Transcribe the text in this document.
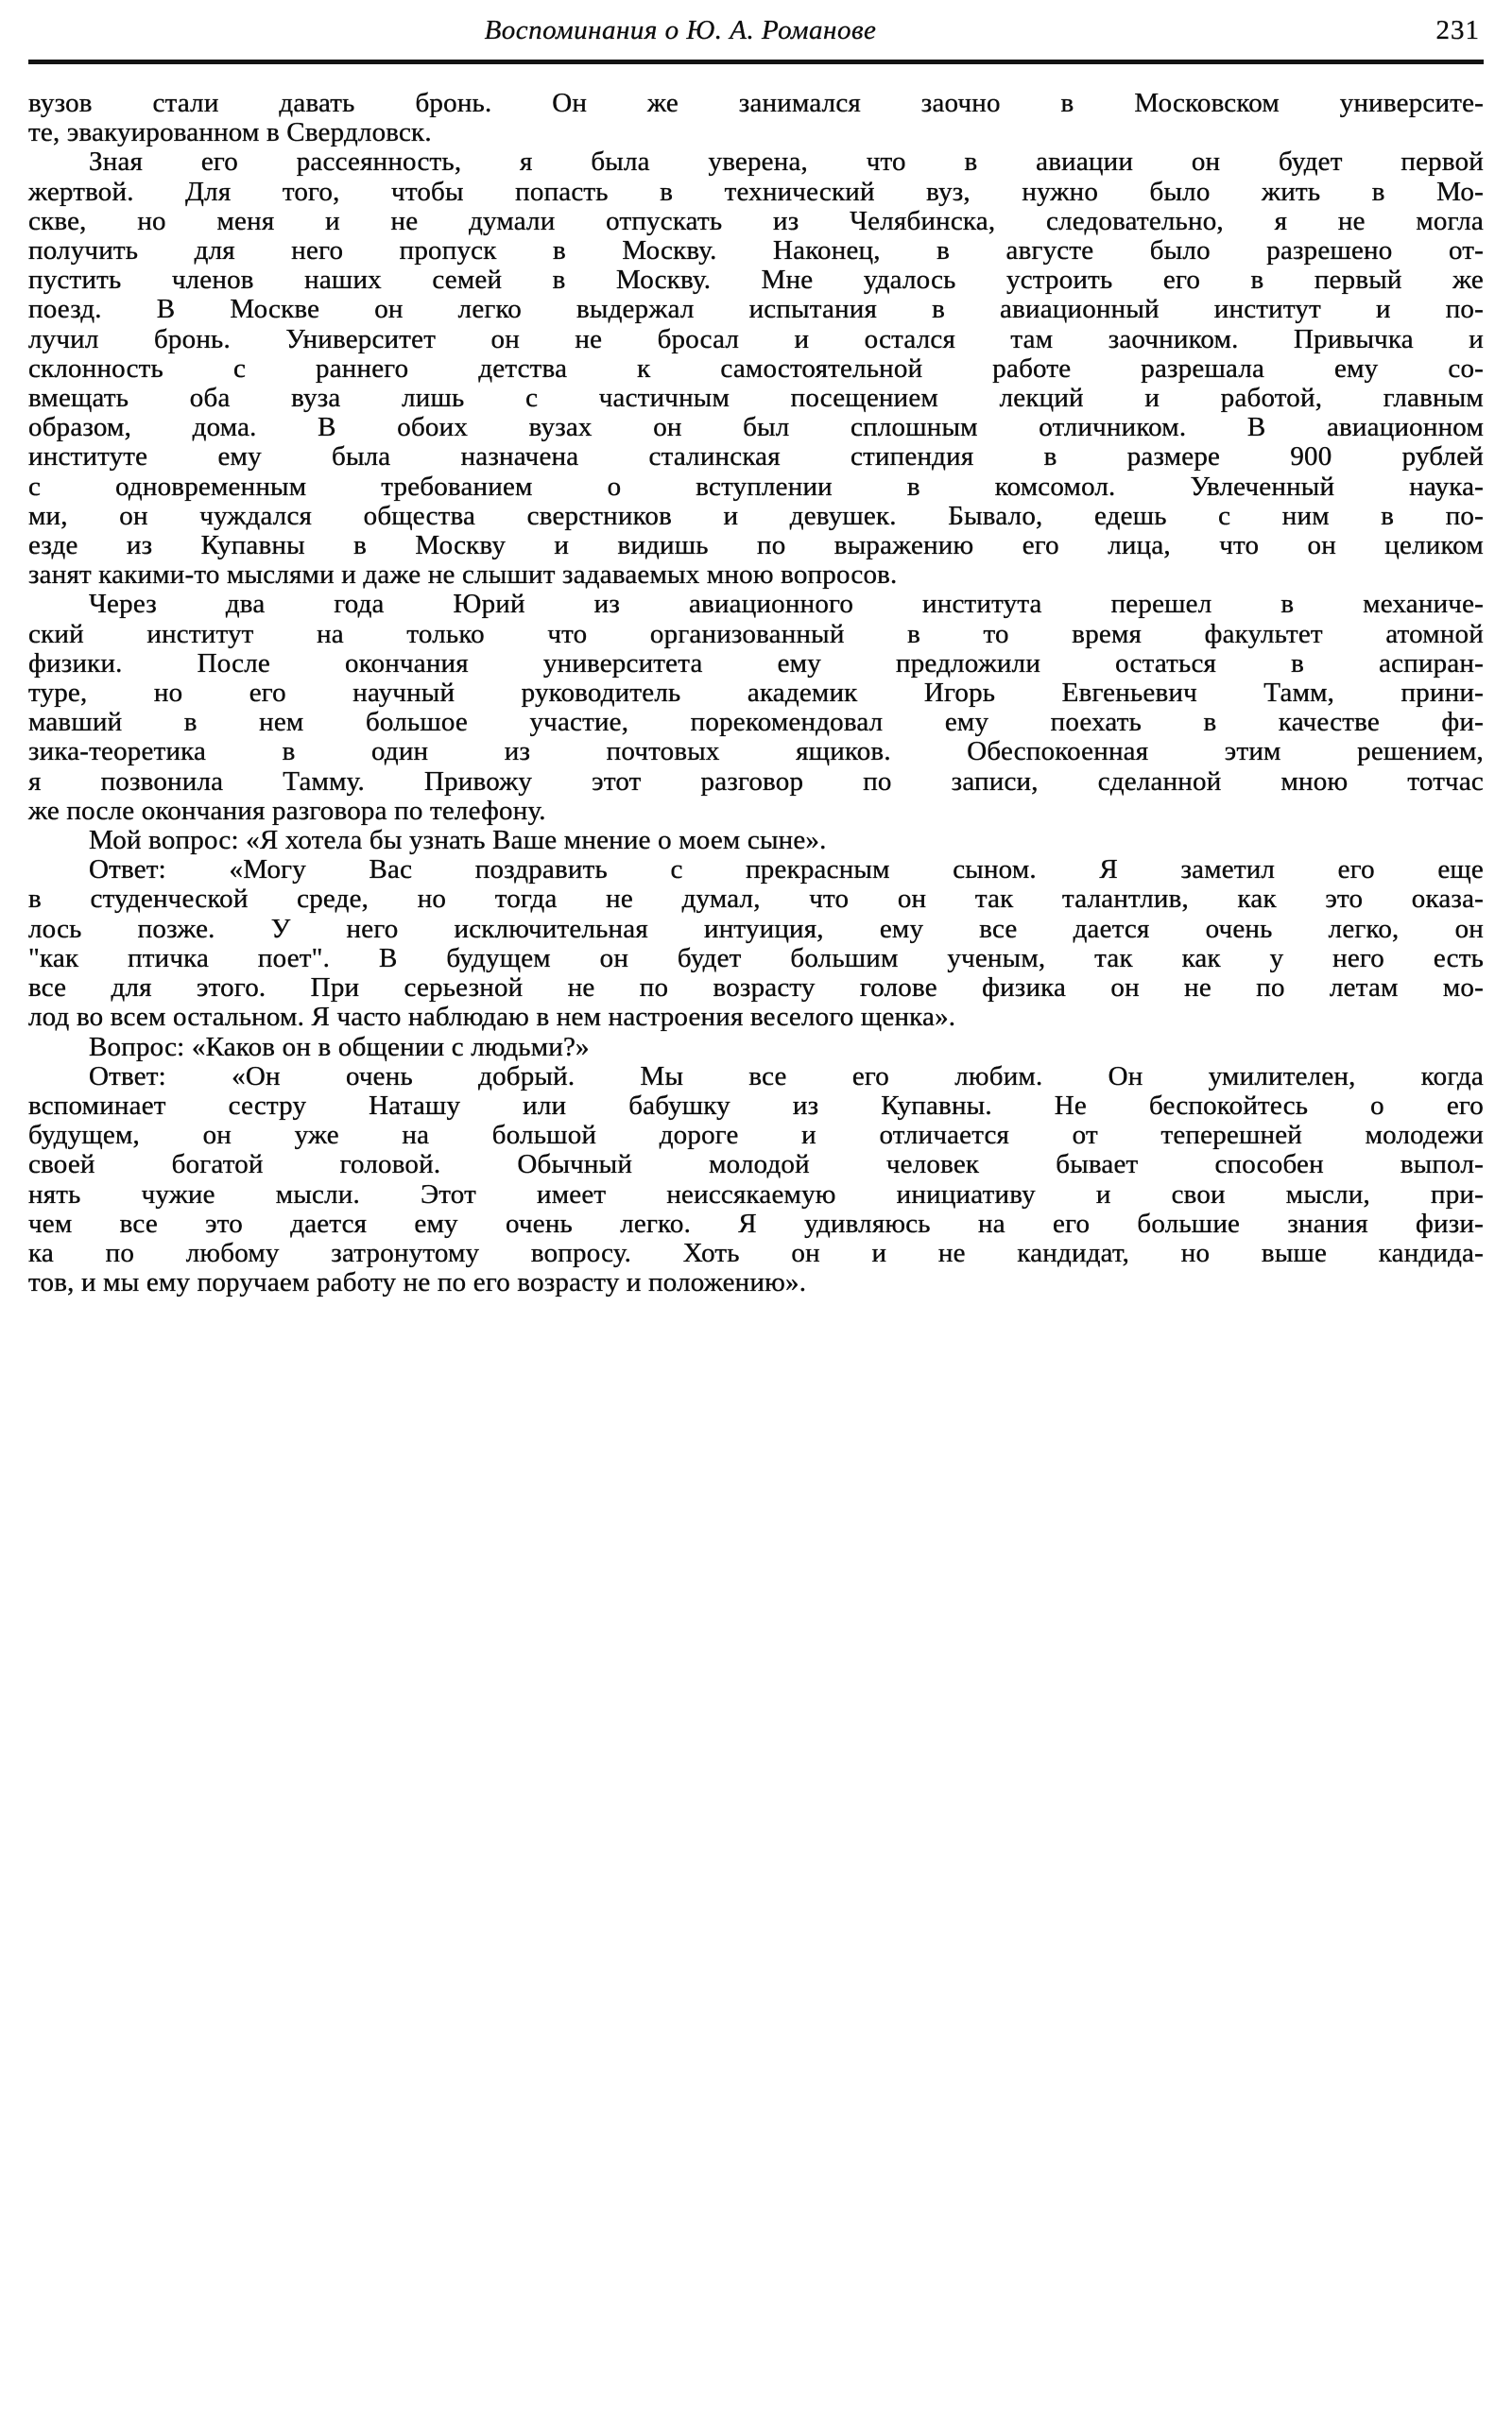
Воспоминания о Ю. А. Романове	231

вузов стали давать бронь. Он же занимался заочно в Московском университе-
те, эвакуированном в Свердловск.

Зная его рассеянность, я была уверена, что в авиации он будет первой
жертвой. Для того, чтобы попасть в технический вуз, нужно было жить в Мо-
скве, но меня и не думали отпускать из Челябинска, следовательно, я не могла
получить для него пропуск в Москву. Наконец, в августе было разрешено от-
пустить членов наших семей в Москву. Мне удалось устроить его в первый же
поезд. В Москве он легко выдержал испытания в авиационный институт и по-
лучил бронь. Университет он не бросал и остался там заочником. Привычка и
склонность с раннего детства к самостоятельной работе разрешала ему со-
вмещать оба вуза лишь с частичным посещением лекций и работой, главным
образом, дома. В обоих вузах он был сплошным отличником. В авиационном
институте ему была назначена сталинская стипендия в размере 900 рублей
с одновременным требованием о вступлении в комсомол. Увлеченный наука-
ми, он чуждался общества сверстников и девушек. Бывало, едешь с ним в по-
езде из Купавны в Москву и видишь по выражению его лица, что он целиком
занят какими-то мыслями и даже не слышит задаваемых мною вопросов.

Через два года Юрий из авиационного института перешел в механиче-
ский институт на только что организованный в то время факультет атомной
физики. После окончания университета ему предложили остаться в аспиран-
туре, но его научный руководитель академик Игорь Евгеньевич Тамм, прини-
мавший в нем большое участие, порекомендовал ему поехать в качестве фи-
зика-теоретика в один из почтовых ящиков. Обеспокоенная этим решением,
я позвонила Тамму. Привожу этот разговор по записи, сделанной мною тотчас
же после окончания разговора по телефону.

Мой вопрос: «Я хотела бы узнать Ваше мнение о моем сыне».

Ответ: «Могу Вас поздравить с прекрасным сыном. Я заметил его еще
в студенческой среде, но тогда не думал, что он так талантлив, как это оказа-
лось позже. У него исключительная интуиция, ему все дается очень легко, он
"как птичка поет". В будущем он будет большим ученым, так как у него есть
все для этого. При серьезной не по возрасту голове физика он не по летам мо-
лод во всем остальном. Я часто наблюдаю в нем настроения веселого щенка».

Вопрос: «Каков он в общении с людьми?»

Ответ: «Он очень добрый. Мы все его любим. Он умилителен, когда
вспоминает сестру Наташу или бабушку из Купавны. Не беспокойтесь о его
будущем, он уже на большой дороге и отличается от теперешней молодежи
своей богатой головой. Обычный молодой человек бывает способен выпол-
нять чужие мысли. Этот имеет неиссякаемую инициативу и свои мысли, при-
чем все это дается ему очень легко. Я удивляюсь на его большие знания физи-
ка по любому затронутому вопросу. Хоть он и не кандидат, но выше кандида-
тов, и мы ему поручаем работу не по его возрасту и положению».
